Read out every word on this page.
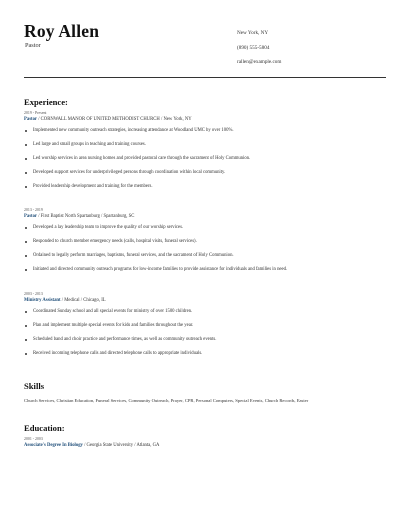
Roy Allen
Pastor
New York, NY
(890) 555-5804
rallen@example.com
Experience:
2019 - Present
Pastor / CORNWALL MANOR OF UNITED METHODIST CHURCH / New York, NY
Implemented new community outreach strategies, increasing attendance at Woodland UMC by over 100%.
Led large and small groups in teaching and training courses.
Led worship services in area nursing homes and provided pastoral care through the sacrament of Holy Communion.
Developed support services for underprivileged persons through coordination within local community.
Provided leadership development and training for the members.
2013 - 2019
Pastor / First Baptist North Spartanburg / Spartanburg, SC
Developed a lay leadership team to improve the quality of our worship services.
Responded to church member emergency needs (calls, hospital visits, funeral services).
Ordained to legally perform marriages, baptisms, funeral services, and the sacrament of Holy Communion.
Initiated and directed community outreach programs for low-income families to provide assistance for individuals and families in need.
2003 - 2013
Ministry Assistant / Medical / Chicago, IL
Coordinated Sunday school and all special events for ministry of over 1500 children.
Plan and implement multiple special events for kids and families throughout the year.
Scheduled band and choir practice and performance times, as well as community outreach events.
Received incoming telephone calls and directed telephone calls to appropriate individuals.
Skills
Church Services, Christian Education, Funeral Services, Community Outreach, Prayer, CPR, Personal Computers, Special Events, Church Records, Easter
Education:
2001 - 2003
Associate's Degree In Biology / Georgia State University / Atlanta, GA
